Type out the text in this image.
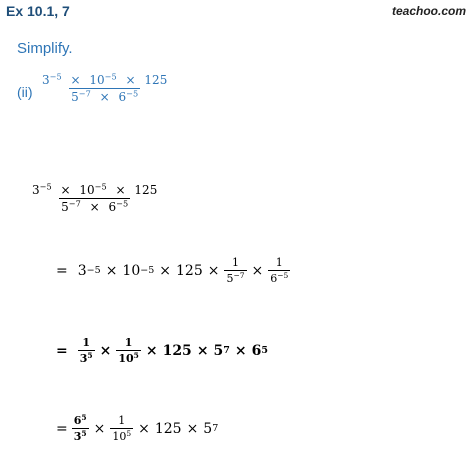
Ex 10.1, 7	teachoo.com
Simplify.
$(ii) \frac{3^{-5} \times 10^{-5} \times 125}{5^{-7} \times 6^{-5}}$
$\frac{3^{-5} \times 10^{-5} \times 125}{5^{-7} \times 6^{-5}}$
= $3 -5 \times 10 -5 \times 125 \times \frac{1}{5^{-7}} \times \frac{1}{6^{-5}}$
= $\frac{1}{3^5} \times \frac{1}{10^5} \times 125 \times 5$ 7 × 6 5
= $\frac{6^5}{3^5} \times \frac{1}{10^5} \times 125 \times 5$ 7
